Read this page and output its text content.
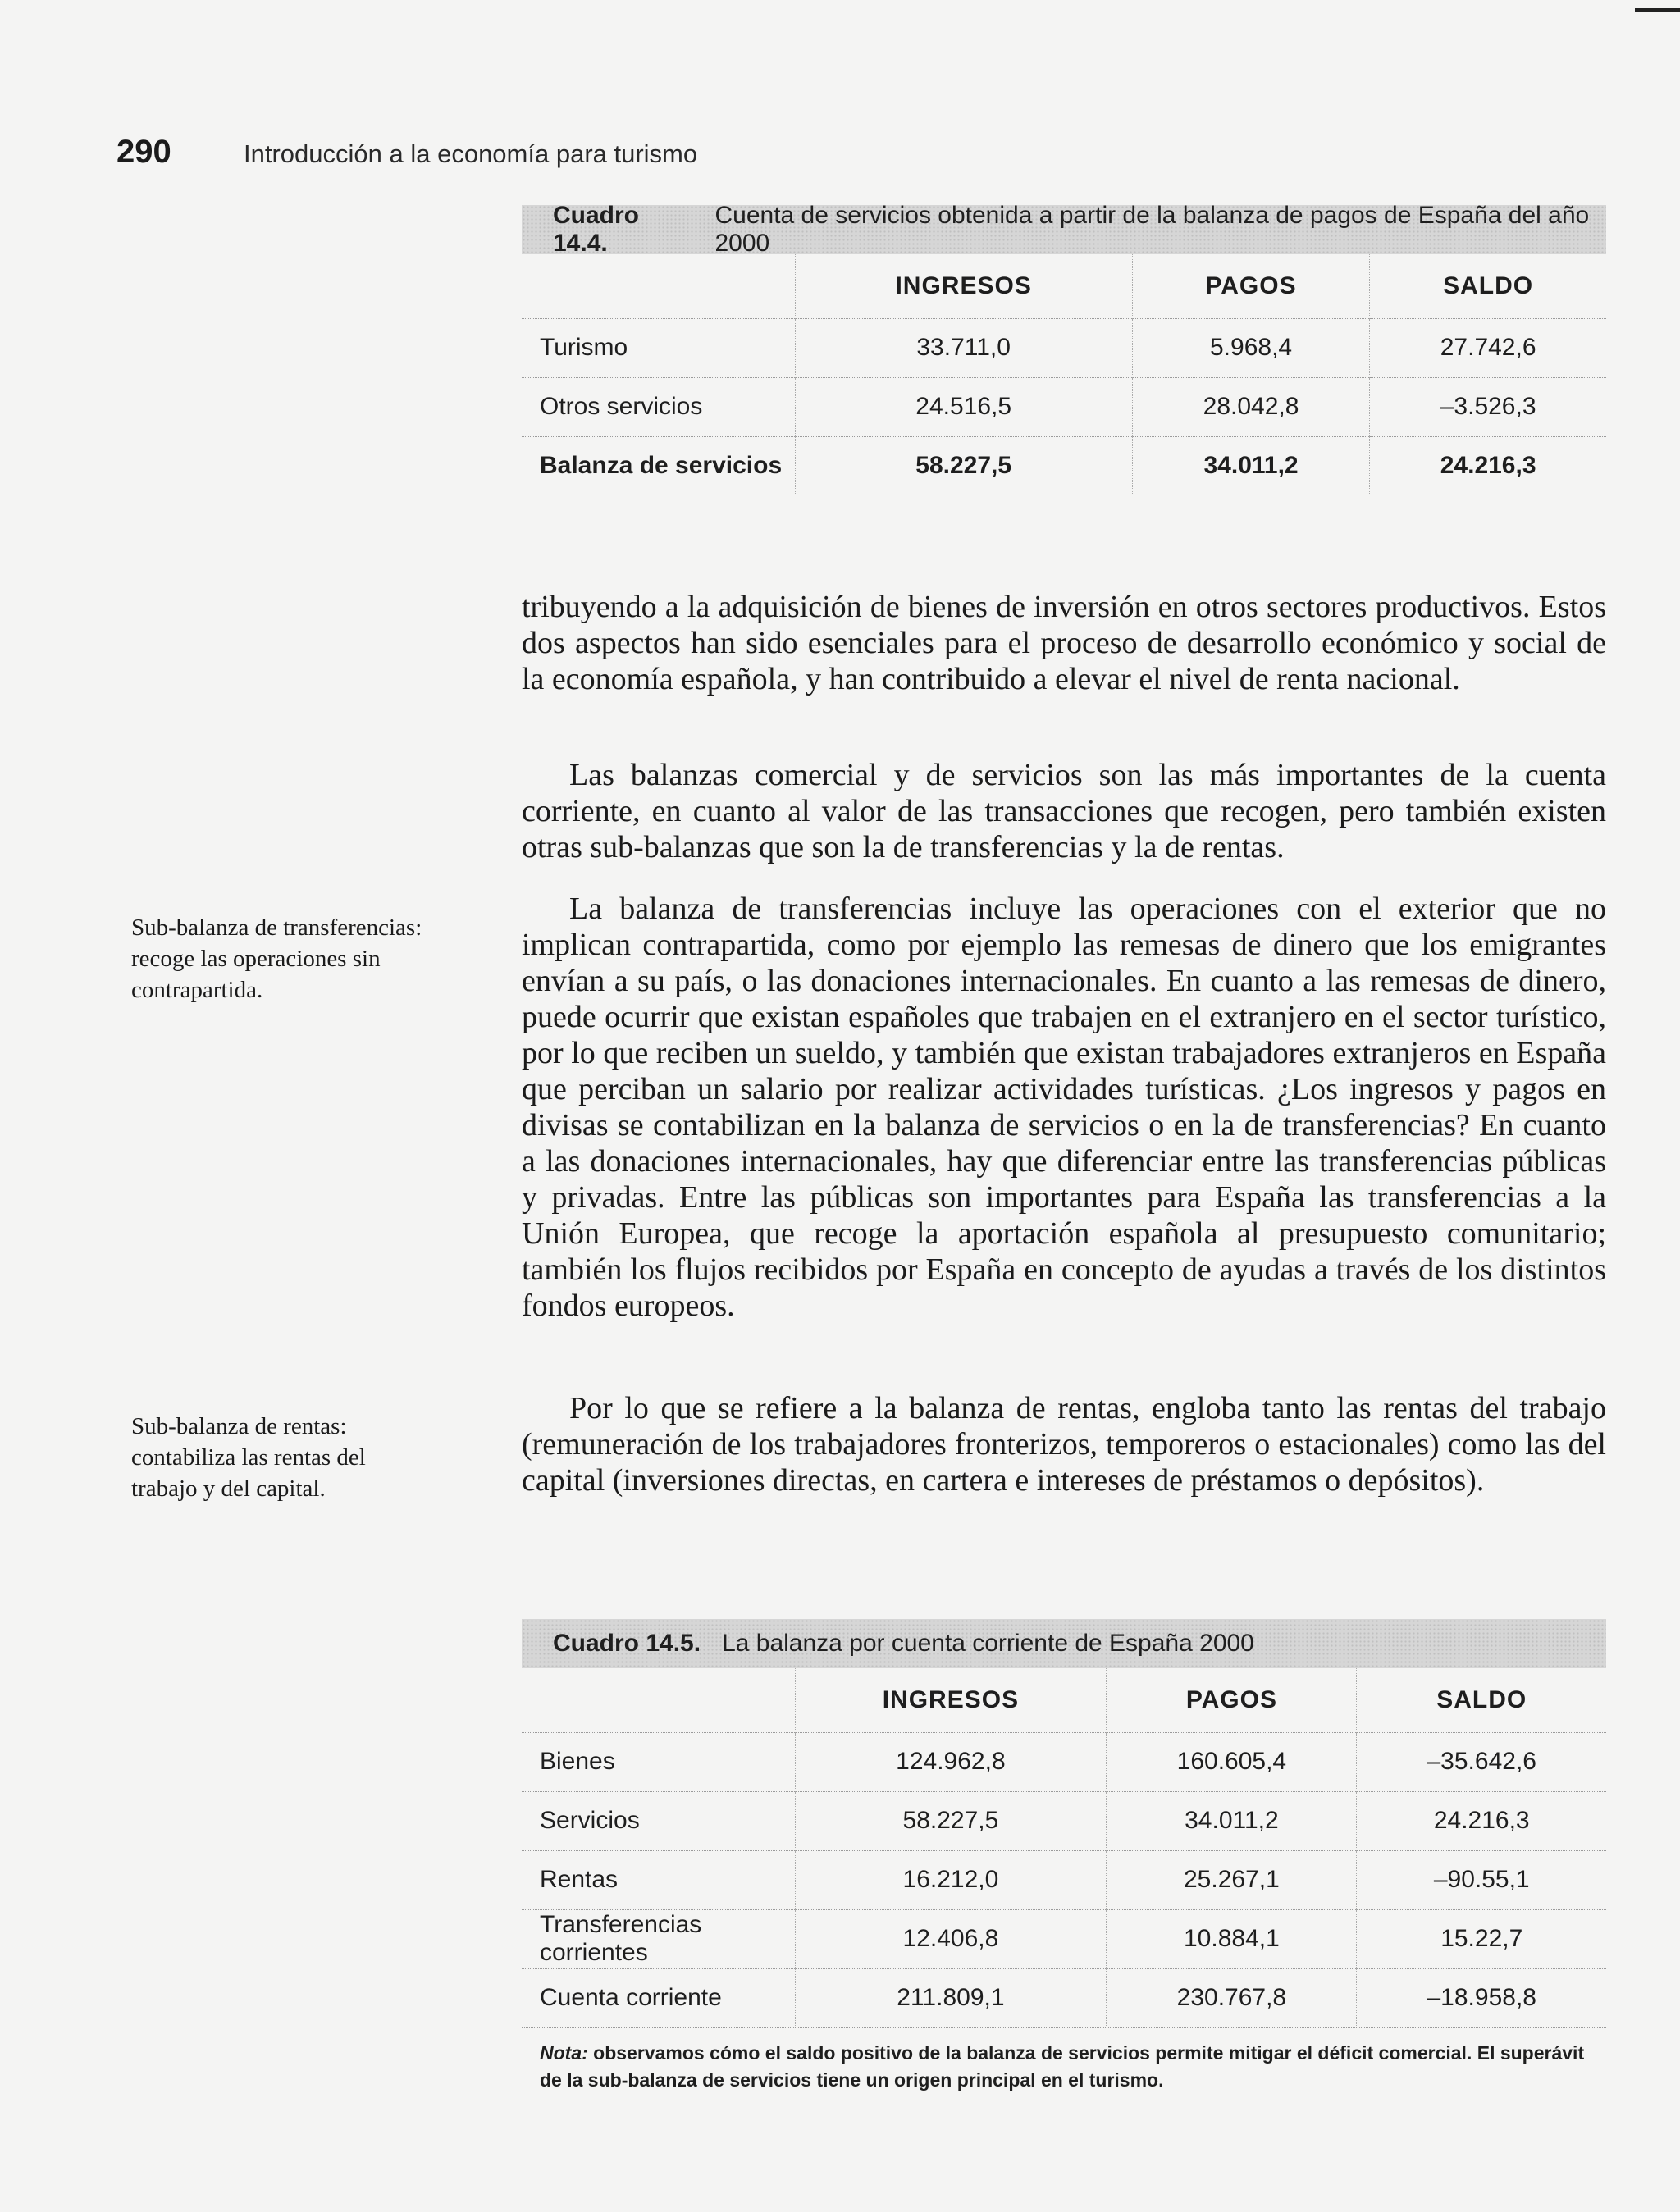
290	Introducción a la economía para turismo
Cuadro 14.4.
Cuenta de servicios obtenida a partir de la balanza de pagos de España del año 2000
	INGRESOS	PAGOS	SALDO
Turismo	33.711,0	5.968,4	27.742,6
Otros servicios	24.516,5	28.042,8	–3.526,3
Balanza de servicios	58.227,5	34.011,2	24.216,3

tribuyendo a la adquisición de bienes de inversión en otros sectores productivos. Estos dos aspectos han sido esenciales para el proceso de desarrollo económico y social de la economía española, y han contribuido a elevar el nivel de renta nacional.

Las balanzas comercial y de servicios son las más importantes de la cuenta corriente, en cuanto al valor de las transacciones que recogen, pero también existen otras sub-balanzas que son la de transferencias y la de rentas.

La balanza de transferencias incluye las operaciones con el exterior que no implican contrapartida, como por ejemplo las remesas de dinero que los emigrantes envían a su país, o las donaciones internacionales. En cuanto a las remesas de dinero, puede ocurrir que existan españoles que trabajen en el extranjero en el sector turístico, por lo que reciben un sueldo, y también que existan trabajadores extranjeros en España que perciban un salario por realizar actividades turísticas. ¿Los ingresos y pagos en divisas se contabilizan en la balanza de servicios o en la de transferencias? En cuanto a las donaciones internacionales, hay que diferenciar entre las transferencias públicas y privadas. Entre las públicas son importantes para España las transferencias a la Unión Europea, que recoge la aportación española al presupuesto comunitario; también los flujos recibidos por España en concepto de ayudas a través de los distintos fondos europeos.

Por lo que se refiere a la balanza de rentas, engloba tanto las rentas del trabajo (remuneración de los trabajadores fronterizos, temporeros o estacionales) como las del capital (inversiones directas, en cartera e intereses de préstamos o depósitos).

Sub-balanza de transferencias: recoge las operaciones sin contrapartida.
Sub-balanza de rentas: contabiliza las rentas del trabajo y del capital.
Cuadro 14.5. La balanza por cuenta corriente de España 2000
	INGRESOS	PAGOS	SALDO
Bienes	124.962,8	160.605,4	–35.642,6
Servicios	58.227,5	34.011,2	24.216,3
Rentas	16.212,0	25.267,1	–90.55,1
Transferencias corrientes	12.406,8	10.884,1	15.22,7
Cuenta corriente	211.809,1	230.767,8	–18.958,8
Nota: observamos cómo el saldo positivo de la balanza de servicios permite mitigar el déficit comercial. El superávit de la sub-balanza de servicios tiene un origen principal en el turismo.
